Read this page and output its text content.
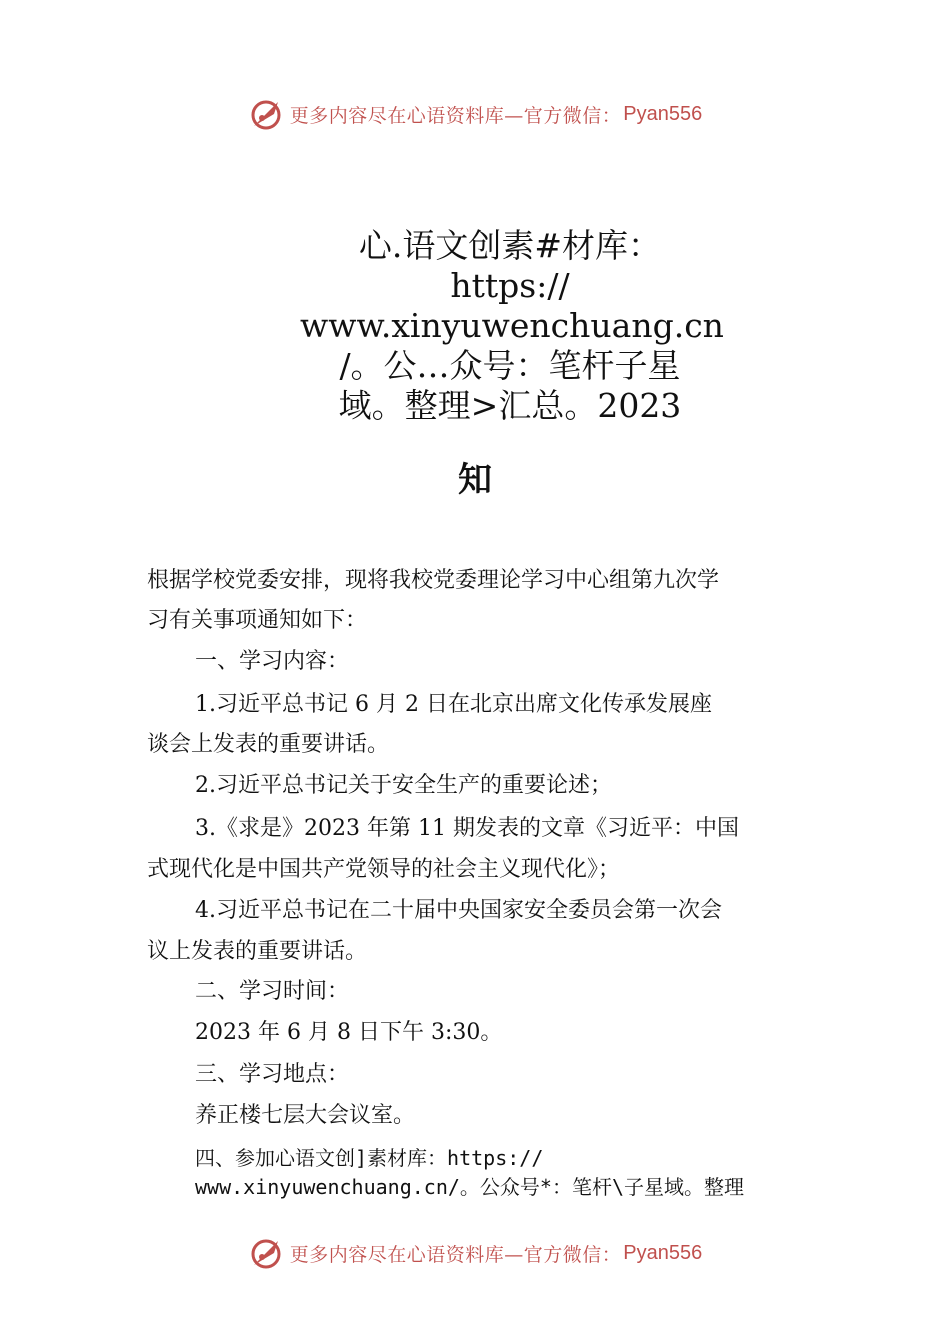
更多内容尽在心语资料库—官方微信： Pyan556
心.语文创素#材库：
https://
www.xinyuwenchuang.cn
/。公…众号：笔杆子星
域。整理>汇总。2023
知
根据学校党委安排，现将我校党委理论学习中心组第九次学
习有关事项通知如下：
一、学习内容：
1.习近平总书记 6 月 2 日在北京出席文化传承发展座
谈会上发表的重要讲话。
2.习近平总书记关于安全生产的重要论述；
3.《求是》2023 年第 11 期发表的文章《习近平：中国
式现代化是中国共产党领导的社会主义现代化》；
4.习近平总书记在二十届中央国家安全委员会第一次会
议上发表的重要讲话。
二、学习时间：
2023 年 6 月 8 日下午 3:30。
三、学习地点：
养正楼七层大会议室。
四、参加心语文创]素材库：https://
www.xinyuwenchuang.cn/。公众号*：笔杆\子星域。整理
更多内容尽在心语资料库—官方微信： Pyan556
